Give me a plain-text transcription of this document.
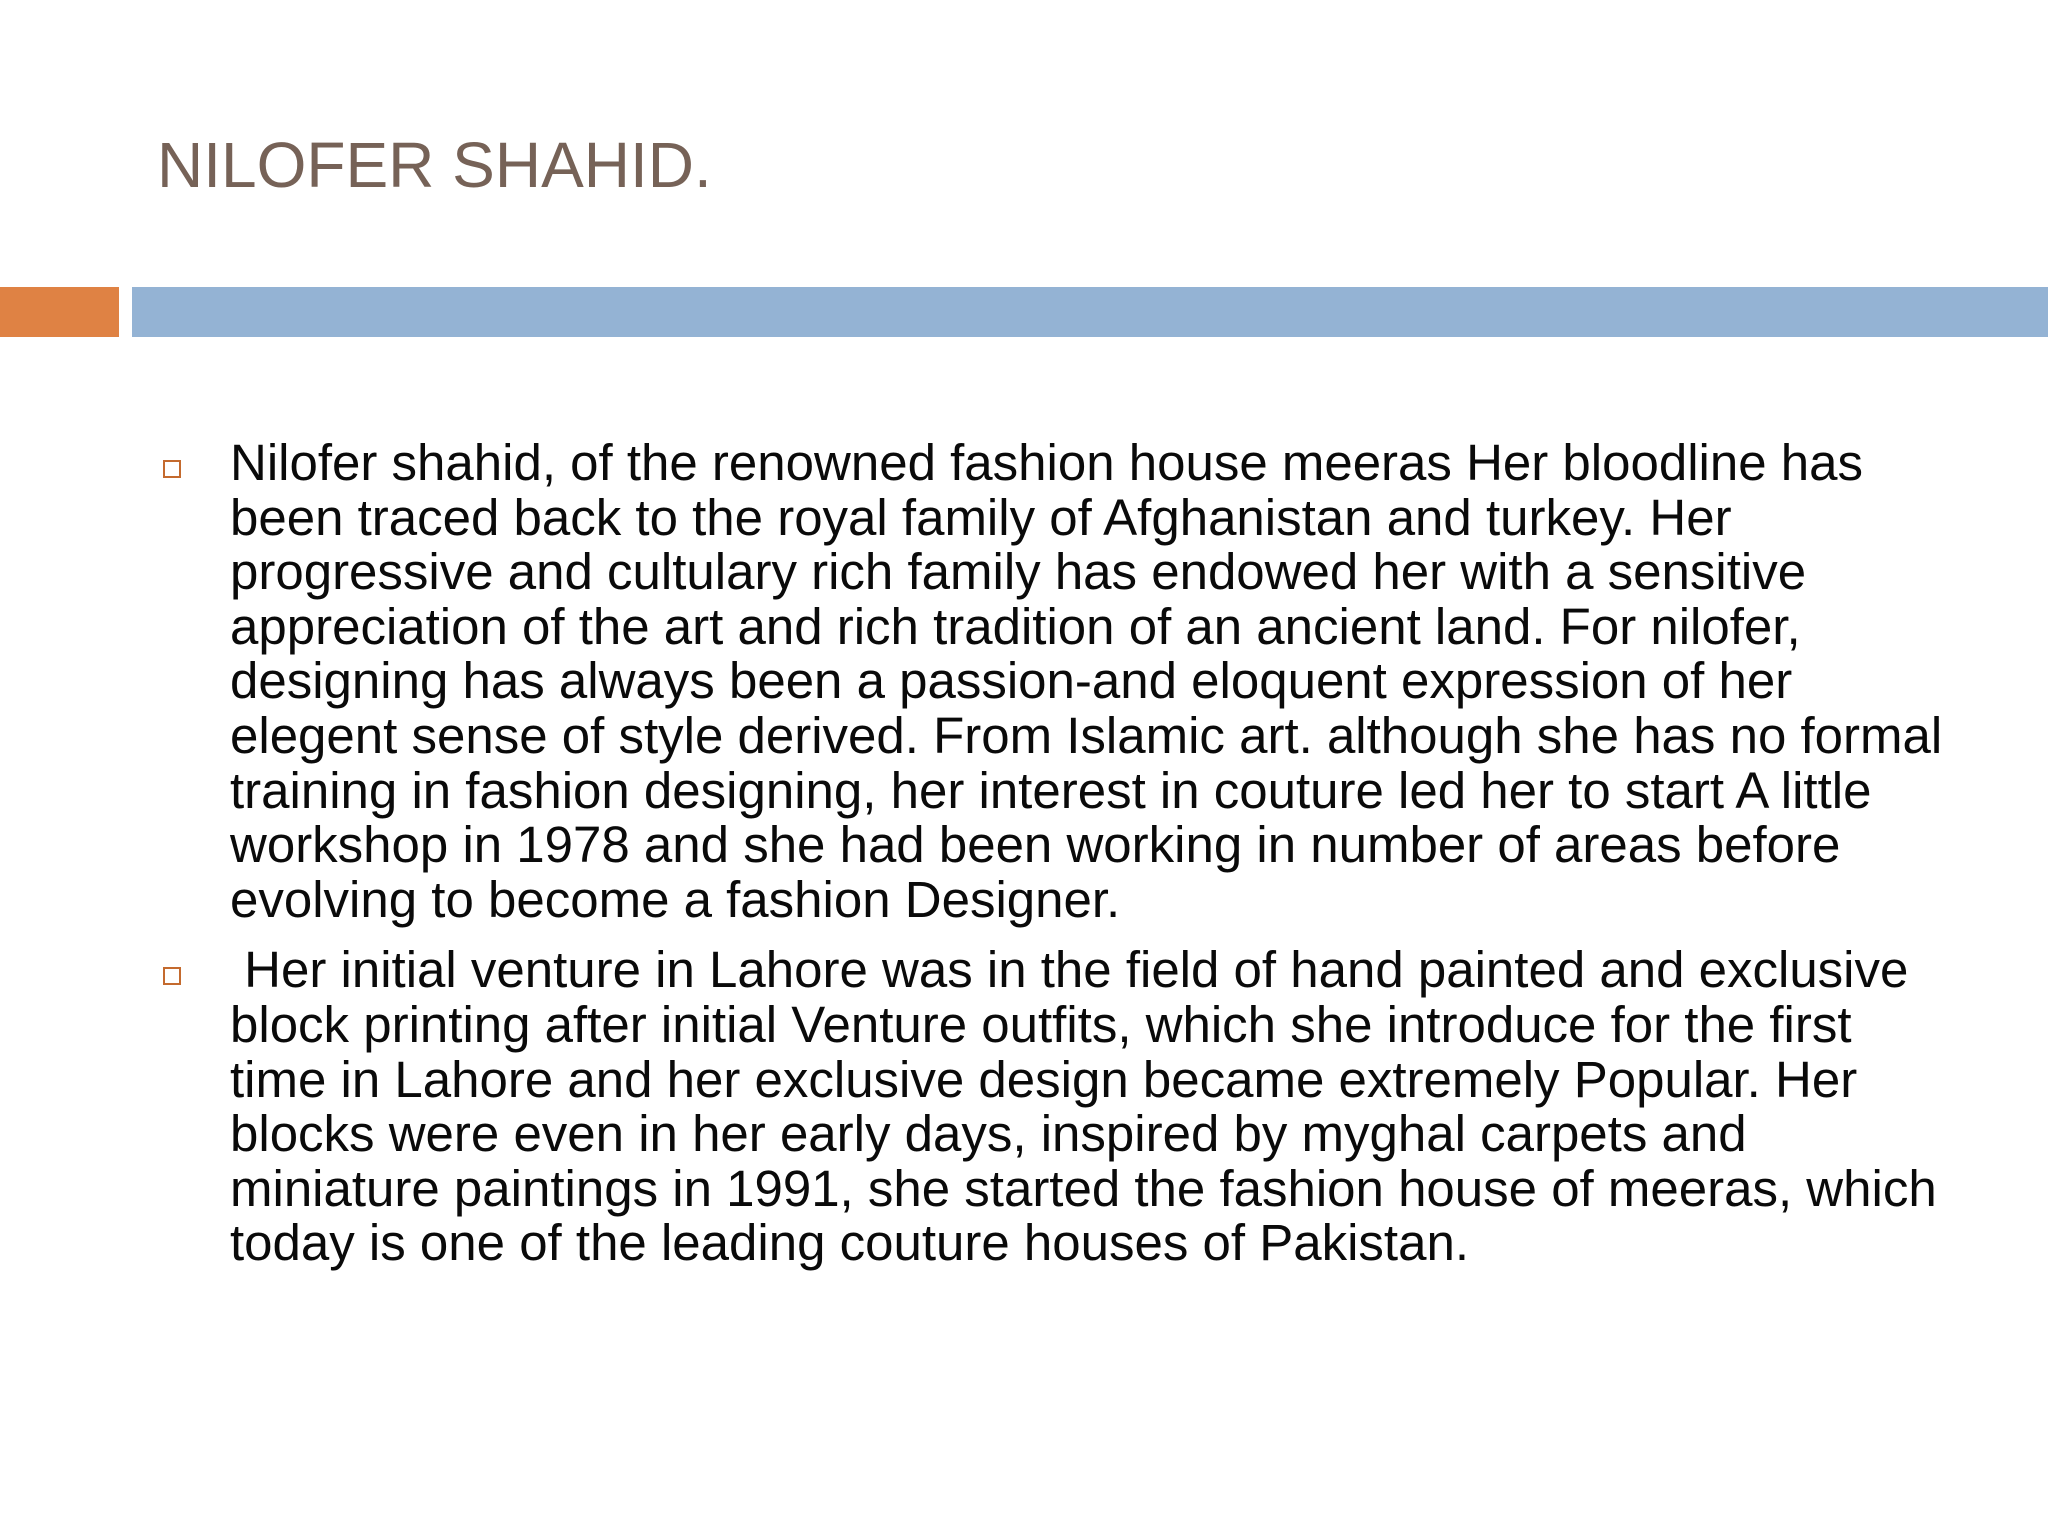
NILOFER SHAHID.
Nilofer shahid, of the renowned fashion house meeras Her bloodline has been traced back to the royal family of Afghanistan and turkey. Her progressive and cultulary rich family has endowed her with a sensitive appreciation of the art and rich tradition of an ancient land. For nilofer, designing has always been a passion-and eloquent expression of her elegent sense of style derived. From Islamic art. although she has no formal training in fashion designing, her interest in couture led her to start A little workshop in 1978 and she had been working in number of areas before evolving to become a fashion Designer.
Her initial venture in Lahore was in the field of hand painted and exclusive block printing after initial Venture outfits, which she introduce for the first time in Lahore and her exclusive design became extremely Popular. Her blocks were even in her early days, inspired by myghal carpets and miniature paintings in 1991, she started the fashion house of meeras, which today is one of the leading couture houses of Pakistan.
